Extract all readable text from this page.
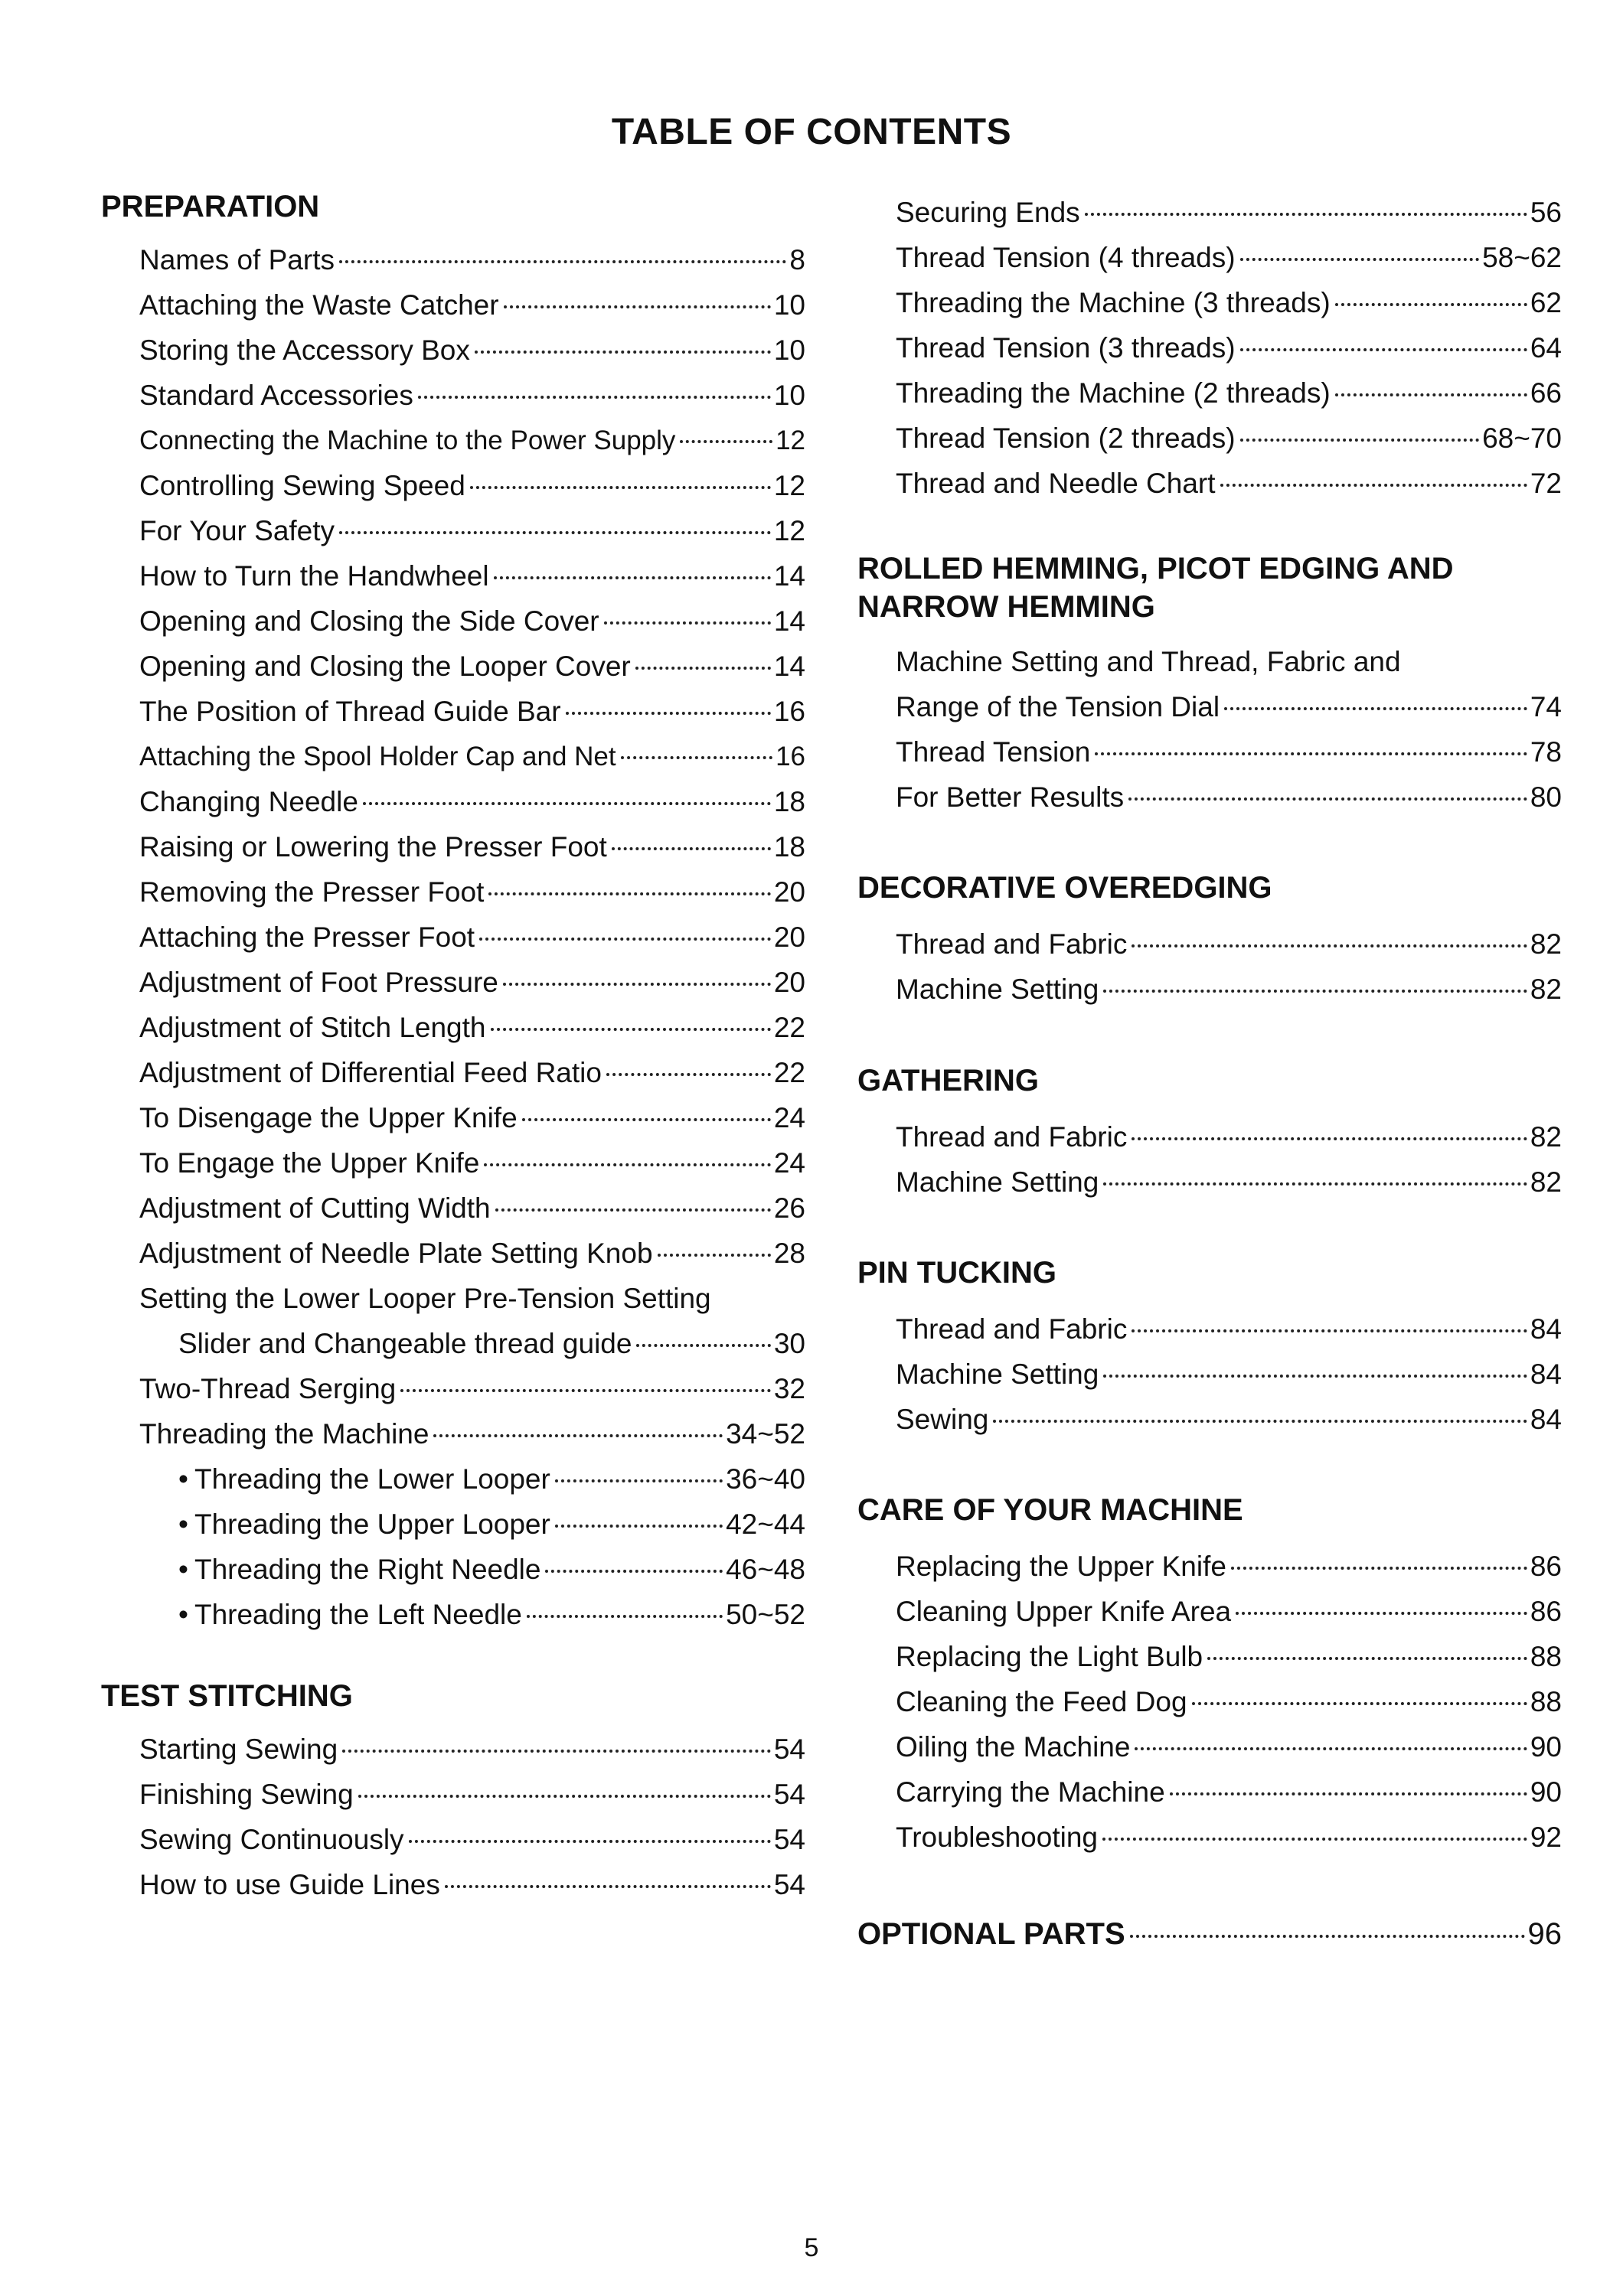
TABLE OF CONTENTS
PREPARATION
Names of Parts	8
Attaching the Waste Catcher	10
Storing the Accessory Box	10
Standard Accessories	10
Connecting the Machine to the Power Supply	12
Controlling Sewing Speed	12
For Your Safety	12
How to Turn the Handwheel	14
Opening and Closing the Side Cover	14
Opening and Closing the Looper Cover	14
The Position of Thread Guide Bar	16
Attaching the Spool Holder Cap and Net	16
Changing Needle	18
Raising or Lowering the Presser Foot	18
Removing the Presser Foot	20
Attaching the Presser Foot	20
Adjustment of Foot Pressure	20
Adjustment of Stitch Length	22
Adjustment of Differential Feed Ratio	22
To Disengage the Upper Knife	24
To Engage the Upper Knife	24
Adjustment of Cutting Width	26
Adjustment of Needle Plate Setting Knob	28
Setting the Lower Looper Pre-Tension Setting
Slider and Changeable thread guide	30
Two-Thread Serging	32
Threading the Machine	34~52
• Threading the Lower Looper	36~40
• Threading the Upper Looper	42~44
• Threading the Right Needle	46~48
• Threading the Left Needle	50~52
TEST STITCHING
Starting Sewing	54
Finishing Sewing	54
Sewing Continuously	54
How to use Guide Lines	54
Securing Ends	56
Thread Tension (4 threads)	58~62
Threading the Machine (3 threads)	62
Thread Tension (3 threads)	64
Threading the Machine (2 threads)	66
Thread Tension (2 threads)	68~70
Thread and Needle Chart	72
ROLLED HEMMING, PICOT EDGING AND
NARROW HEMMING
Machine Setting and Thread, Fabric and
Range of the Tension Dial	74
Thread Tension	78
For Better Results	80
DECORATIVE OVEREDGING
Thread and Fabric	82
Machine Setting	82
GATHERING
Thread and Fabric	82
Machine Setting	82
PIN TUCKING
Thread and Fabric	84
Machine Setting	84
Sewing	84
CARE OF YOUR MACHINE
Replacing the Upper Knife	86
Cleaning Upper Knife Area	86
Replacing the Light Bulb	88
Cleaning the Feed Dog	88
Oiling the Machine	90
Carrying the Machine	90
Troubleshooting	92
OPTIONAL PARTS	96
5
